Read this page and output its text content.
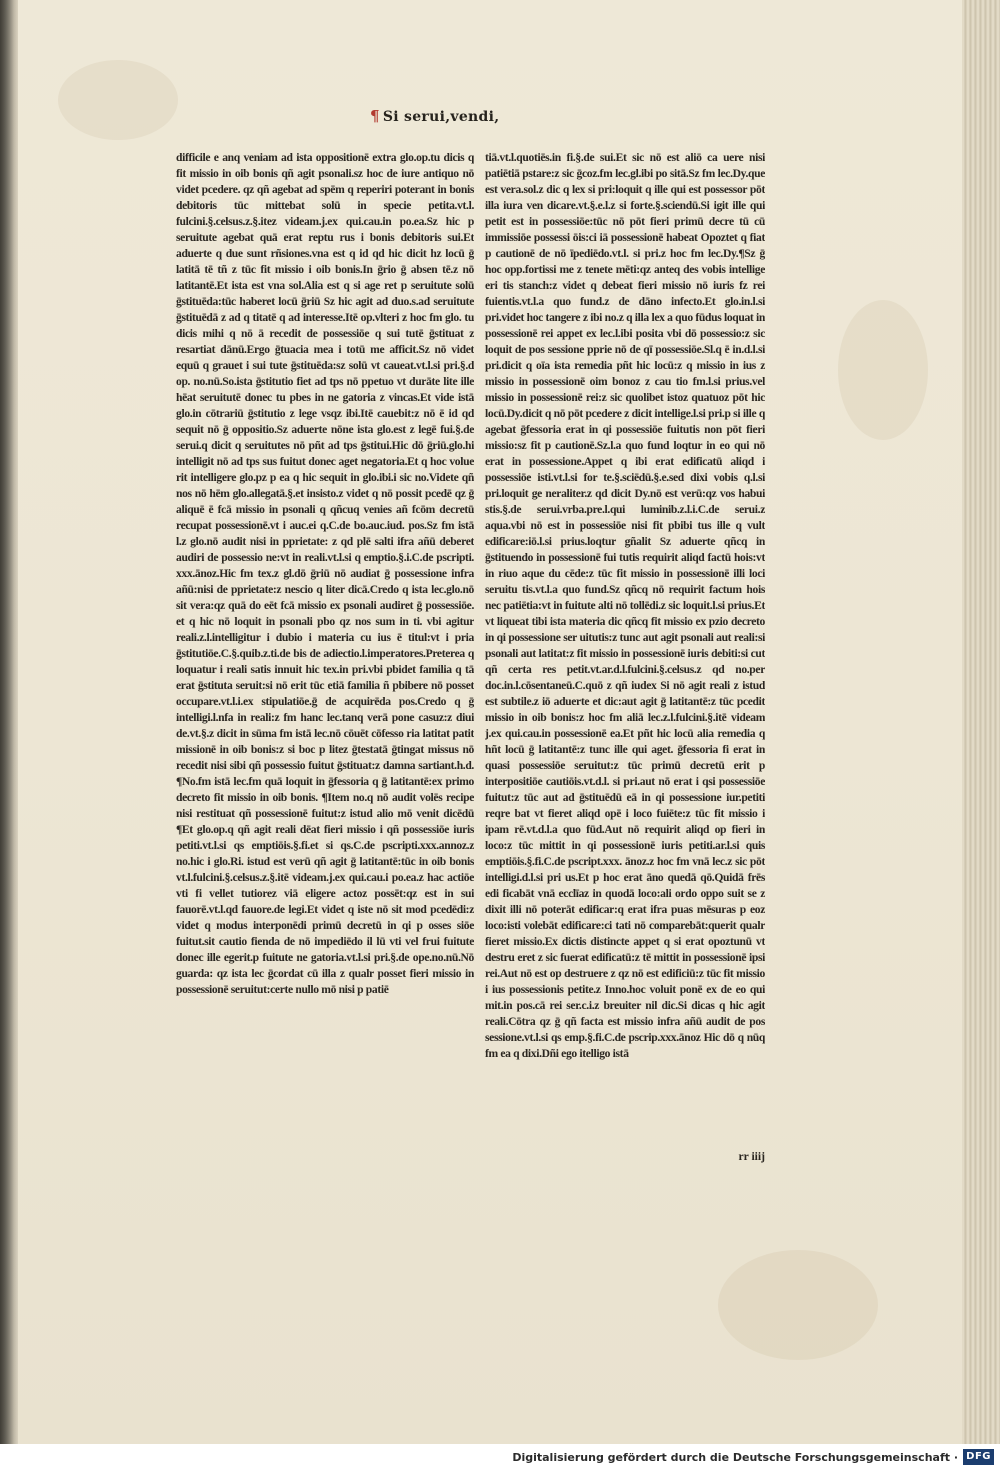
¶ Si serui,vendi,
difficile e anq veniam ad ista oppositionē extra glo.op.tu dicis q fit missio in oib bonis qñ agit psonali.sz hoc de iure antiquo nō videt pcedere. qz qñ agebat ad spēm q reperiri poterant in bonis debitoris tūc mittebat solū in specie petita.vt.l. fulcini.§.celsus.z.§.itez videam.j.ex qui.cau.in po.ea.Sz hic p seruitute agebat quā erat reptu rus i bonis debitoris sui.Et aduerte q due sunt rñsiones.vna est q id qd hic dicit hz locū ḡ latitā tē tñ z tūc fit missio i oib bonis.In ḡrio ḡ absen tē.z nō latitantē.Et ista est vna sol.Alia est q si age ret p seruitute solū ḡstituēda:tūc haberet locū ḡriū Sz hic agit ad duo.s.ad seruitute ḡstituēdā z ad q titatē q ad interesse.Itē op.vlteri z hoc fm glo. tu dicis mihi q nō ā recedit de possessiōe q sui tutē ḡstituat z resartiat dānū.Ergo ḡtuacia mea i totū me afficit.Sz nō videt equū q grauet i sui tute ḡstituēda:sz solū vt caueat.vt.l.si pri.§.d op. no.nū.So.ista ḡstitutio fiet ad tps nō ppetuo vt durāte lite ille hēat seruitutē donec tu pbes in ne gatoria z vincas.Et vide istā glo.in cōtrariū ḡstitutio z lege vsqz ibi.Itē cauebit:z nō ē id qd sequit nō ḡ oppositio.Sz aduerte nōne ista glo.est z legē fui.§.de serui.q dicit q seruitutes nō pñt ad tps ḡstitui.Hic dō ḡriū.glo.hi intelligit nō ad tps sus fuitut donec aget negatoria.Et q hoc volue rit intelligere glo.pz p ea q hic sequit in glo.ibi.i sic no.Videte qñ nos nō hēm glo.allegatā.§.et insisto.z videt q nō possit pcedē qz ḡ aliquē ē fcā missio in psonali q qñcuq venies añ fcōm decretū recupat possessionē.vt i auc.ei q.C.de bo.auc.iud. pos.Sz fm istā l.z glo.nō audit nisi in pprietate: z qd plē salti ifra añū deberet audiri de possessio ne:vt in reali.vt.l.si q emptio.§.i.C.de pscripti. xxx.ānoz.Hic fm tex.z gl.dō ḡriū nō audiat ḡ possessione infra añū:nisi de pprietate:z nescio q liter dicā.Credo q ista lec.glo.nō sit vera:qz quā do eēt fcā missio ex psonali audiret ḡ possessiōe. et q hic nō loquit in psonali pbo qz nos sum in ti. vbi agitur reali.z.l.intelligitur i dubio i materia cu ius ē titul:vt i pria ḡstitutiōe.C.§.quib.z.ti.de bis de adiectio.l.imperatores.Preterea q loquatur i reali satis innuit hic tex.in pri.vbi pbidet familia q tā erat ḡstituta seruit:si nō erit tūc etiā familia ñ pbibere nō posset occupare.vt.l.i.ex stipulatiōe.ḡ de acquirēda pos.Credo q ḡ intelligi.l.nfa in reali:z fm hanc lec.tanq verā pone casuz:z diui de.vt.§.z dicit in sūma fm istā lec.nō cōuēt cōfesso ria latitat patit missionē in oib bonis:z si boc p litez ḡtestatā ḡtingat missus nō recedit nisi sibi qñ possessio fuitut ḡstituat:z damna sartiant.h.d. ¶No.fm istā lec.fm quā loquit in ḡfessoria q ḡ latitantē:ex primo decreto fit missio in oib bonis. ¶Item no.q nō audit volēs recipe nisi restituat qñ possessionē fuitut:z istud alio mō venit dicēdū ¶Et glo.op.q qñ agit reali dēat fieri missio i qñ possessiōe iuris petiti.vt.l.si qs emptiōis.§.fi.et si qs.C.de pscripti.xxx.annoz.z no.hic i glo.Ri. istud est verū qñ agit ḡ latitantē:tūc in oib bonis vt.l.fulcini.§.celsus.z.§.itē videam.j.ex qui.cau.i po.ea.z hac actiōe vti fi vellet tutiorez viā eligere actoz possēt:qz est in sui fauorē.vt.l.qd fauore.de legi.Et videt q iste nō sit mod pcedēdi:z videt q modus interponēdi primū decretū in qi p osses siōe fuitut.sit cautio fienda de nō impediēdo il lū vti vel frui fuitute donec ille egerit.p fuitute ne gatoria.vt.l.si pri.§.de ope.no.nū.Nō guarda: qz ista lec ḡcordat cū illa z qualr posset fieri missio in possessionē seruitut:certe nullo mō nisi p patiē
tiā.vt.l.quotiēs.in fi.§.de sui.Et sic nō est aliō ca uere nisi patiētiā pstare:z sic ḡcoz.fm lec.gl.ibi po sitā.Sz fm lec.Dy.que est vera.sol.z dic q lex si pri:loquit q ille qui est possessor pōt illa iura ven dicare.vt.§.e.l.z si forte.§.sciendū.Si igit ille qui petit est in possessiōe:tūc nō pōt fieri primū decre tū cū immissiōe possessi ōis:ci iā possessionē habeat Opoztet q fiat p cautionē de nō īpediēdo.vt.l. si pri.z hoc fm lec.Dy.¶Sz ḡ hoc opp.fortissi me z tenete mēti:qz anteq des vobis intellige eri tis stanch:z videt q debeat fieri missio nō iuris fz rei fuientis.vt.l.a quo fund.z de dāno infecto.Et glo.in.l.si pri.videt hoc tangere z ibi no.z q illa lex a quo fūdus loquat in possessionē rei appet ex lec.l.ibi posita vbi dō possessio:z sic loquit de pos sessione pprie nō de qī possessiōe.Sl.q ē in.d.l.si pri.dicit q oīa ista remedia pñt hic locū:z q missio in ius z missio in possessionē oim bonoz z cau tio fm.l.si prius.vel missio in possessionē rei:z sic quolibet istoz quatuoz pōt hic locū.Dy.dicit q nō pōt pcedere z dicit intellige.l.si pri.p si ille q agebat ḡfessoria erat in qi possessiōe fuitutis non pōt fieri missio:sz fit p cautionē.Sz.l.a quo fund loqtur in eo qui nō erat in possessione.Appet q ibi erat edificatū aliqd i possessiōe isti.vt.l.si for te.§.sciēdū.§.e.sed dixi vobis q.l.si pri.loquit ge neraliter.z qd dicit Dy.nō est verū:qz vos habui stis.§.de serui.vrba.pre.l.qui luminib.z.l.i.C.de serui.z aqua.vbi nō est in possessiōe nisi fit pbibi tus ille q vult edificare:iō.l.si prius.loqtur gñalit Sz aduerte qñcq in ḡstituendo in possessionē fui tutis requirit aliqd factū hois:vt in riuo aque du cēde:z tūc fit missio in possessionē illi loci seruitu tis.vt.l.a quo fund.Sz qñcq nō requirit factum hois nec patiētia:vt in fuitute alti nō tollēdi.z sic loquit.l.si prius.Et vt liqueat tibi ista materia dic qñcq fit missio ex pzio decreto in qi possessione ser uitutis:z tunc aut agit psonali aut reali:si psonali aut latitat:z fit missio in possessionē iuris debiti:si cut qñ certa res petit.vt.ar.d.l.fulcini.§.celsus.z qd no.per doc.in.l.cōsentaneū.C.quō z qñ iudex Si nō agit reali z istud est subtile.z iō aduerte et dic:aut agit ḡ latitantē:z tūc pcedit missio in oib bonis:z hoc fm aliā lec.z.l.fulcini.§.itē videam j.ex qui.cau.in possessionē ea.Et pñt hic locū alia remedia q hñt locū ḡ latitantē:z tunc ille qui aget. ḡfessoria fi erat in quasi possessiōe seruitut:z tūc primū decretū erit p interpositiōe cautiōis.vt.d.l. si pri.aut nō erat i qsi possessiōe fuitut:z tūc aut ad ḡstituēdū eā in qi possessione iur.petiti reqre bat vt fieret aliqd opē i loco fuiēte:z tūc fit missio i ipam rē.vt.d.l.a quo fūd.Aut nō requirit aliqd op fieri in loco:z tūc mittit in qi possessionē iuris petiti.ar.l.si quis emptiōis.§.fi.C.de pscript.xxx. ānoz.z hoc fm vnā lec.z sic pōt intelligi.d.l.si pri us.Et p hoc erat āno quedā qō.Quidā frēs edi ficabāt vnā ecclīaz in quodā loco:ali ordo oppo suit se z dixit illi nō poterāt edificar:q erat ifra puas mēsuras p eoz loco:isti volebāt edificare:ci tati nō comparebāt:querit qualr fieret missio.Ex dictis distincte appet q si erat opoztunū vt destru eret z sic fuerat edificatū:z tē mittit in possessionē ipsi rei.Aut nō est op destruere z qz nō est edificiū:z tūc fit missio i ius possessionis petite.z Inno.hoc voluit ponē ex de eo qui mit.in pos.cā rei ser.c.i.z breuiter nil dic.Si dicas q hic agit reali.Cōtra qz ḡ qñ facta est missio infra añū audit de pos sessione.vt.l.si qs emp.§.fi.C.de pscrip.xxx.ānoz Hic dō q nūq fm ea q dixi.Dñi ego itelligo istā
rr iiij
Digitalisierung gefördert durch die Deutsche Forschungsgemeinschaft · DFG
